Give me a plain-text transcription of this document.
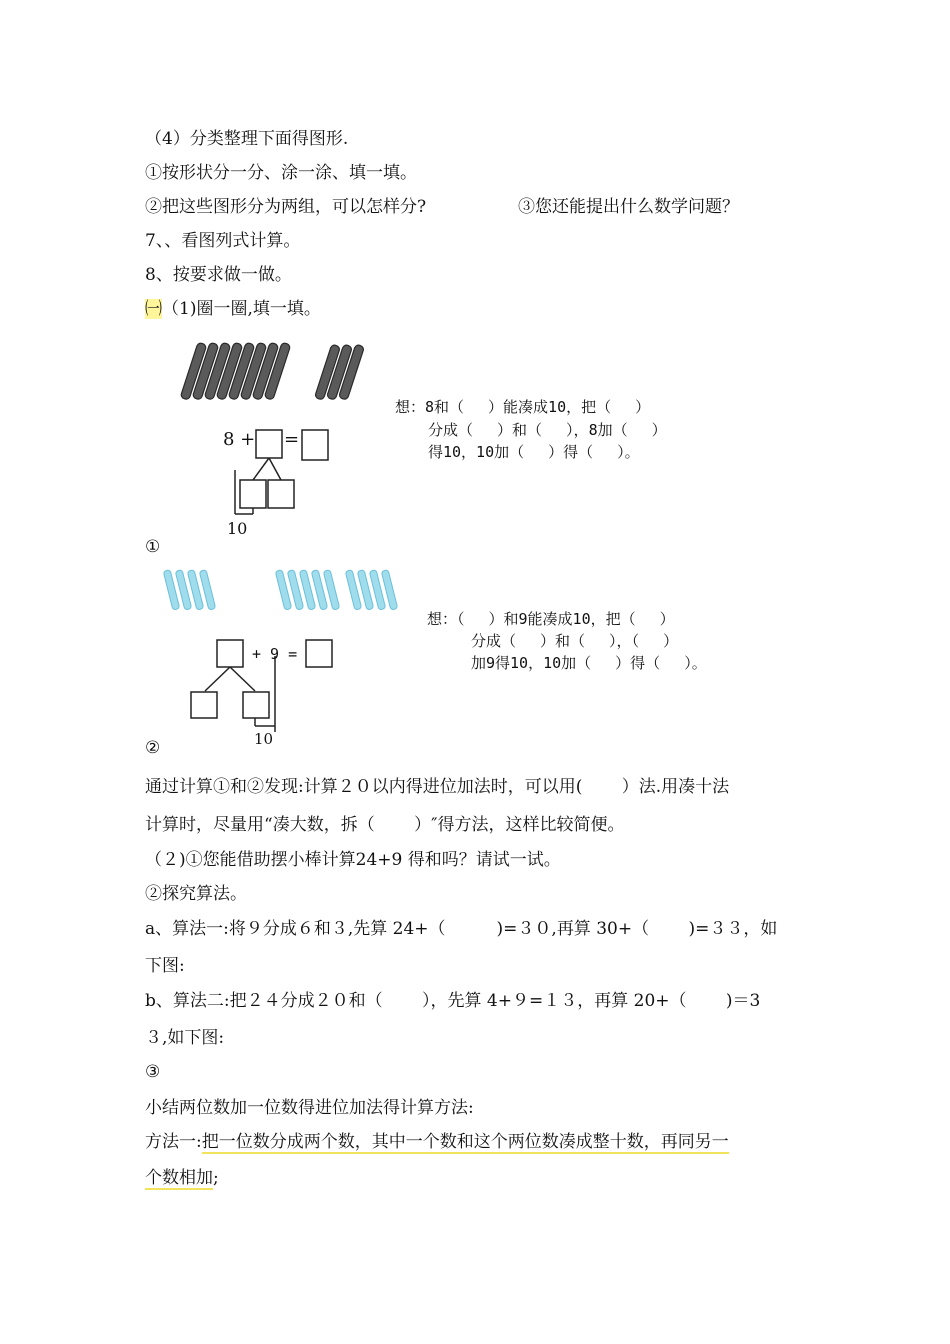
（4）分类整理下面得图形.
①按形状分一分、涂一涂、填一填。
②把这些图形分为两组，可以怎样分?	③您还能提出什么数学问题？
7、、看图列式计算。
8、按要求做一做。
㈠（1)圈一圈,填一填。
8 + =
10
想：8和（　 ）能凑成10，把（　 ）
分成（　 ）和（　 ），8加（　 ）
得10，10加（　 ）得（　 ）。
①
+ 9 =
10
想：（　 ）和9能凑成10，把（　 ）
分成（　 ）和（　 ），（　 ）
加9得10，10加（　 ）得（　 ）。
②
通过计算①和②发现:计算２０以内得进位加法时，可以用(　　 ）法.用凑十法
计算时，尽量用“凑大数，拆（　　 ）″得方法，这样比较简便。
（２)①您能借助摆小棒计算24+9 得和吗？请试一试。
②探究算法。
a、算法一:将９分成６和３,先算 24+（　　　)=３０,再算 30+（　　 )=３３，如
下图:
b、算法二:把２４分成２０和（　　 ），先算 4+９=１３，再算 20+（　　 )＝3
３,如下图:
③
小结两位数加一位数得进位加法得计算方法:
方法一:把一位数分成两个数，其中一个数和这个两位数凑成整十数，再同另一
个数相加;
